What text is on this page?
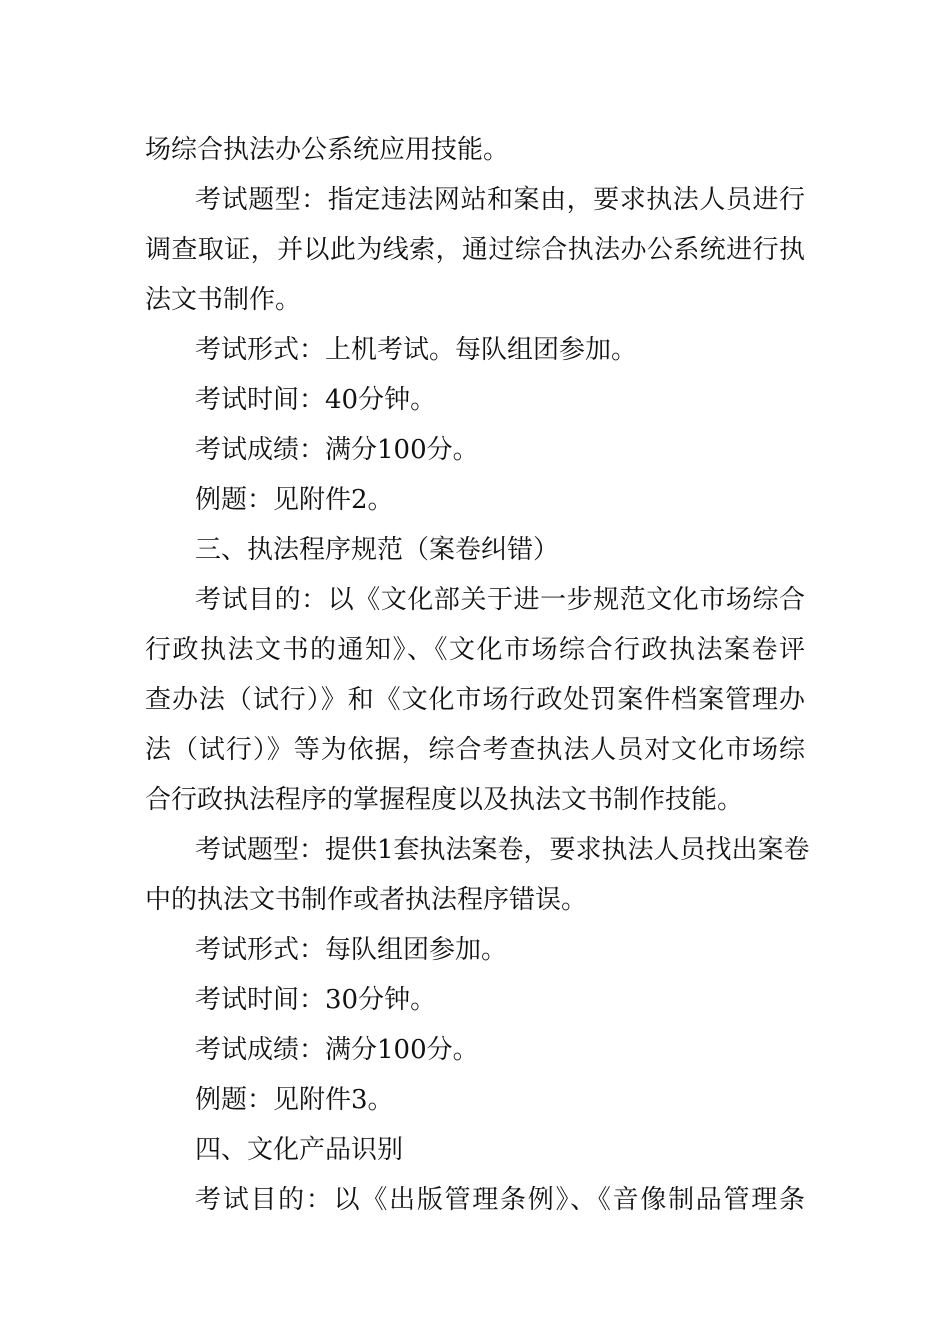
场综合执法办公系统应用技能。
考试题型：指定违法网站和案由，要求执法人员进行
调查取证，并以此为线索，通过综合执法办公系统进行执
法文书制作。
考试形式：上机考试。每队组团参加。
考试时间：40分钟。
考试成绩：满分100分。
例题：见附件2。
三、执法程序规范（案卷纠错）
考试目的：以《文化部关于进一步规范文化市场综合
行政执法文书的通知》、《文化市场综合行政执法案卷评
查办法（试行）》和《文化市场行政处罚案件档案管理办
法（试行）》等为依据，综合考查执法人员对文化市场综
合行政执法程序的掌握程度以及执法文书制作技能。
考试题型：提供1套执法案卷，要求执法人员找出案卷
中的执法文书制作或者执法程序错误。
考试形式：每队组团参加。
考试时间：30分钟。
考试成绩：满分100分。
例题：见附件3。
四、文化产品识别
考试目的：以《出版管理条例》、《音像制品管理条
